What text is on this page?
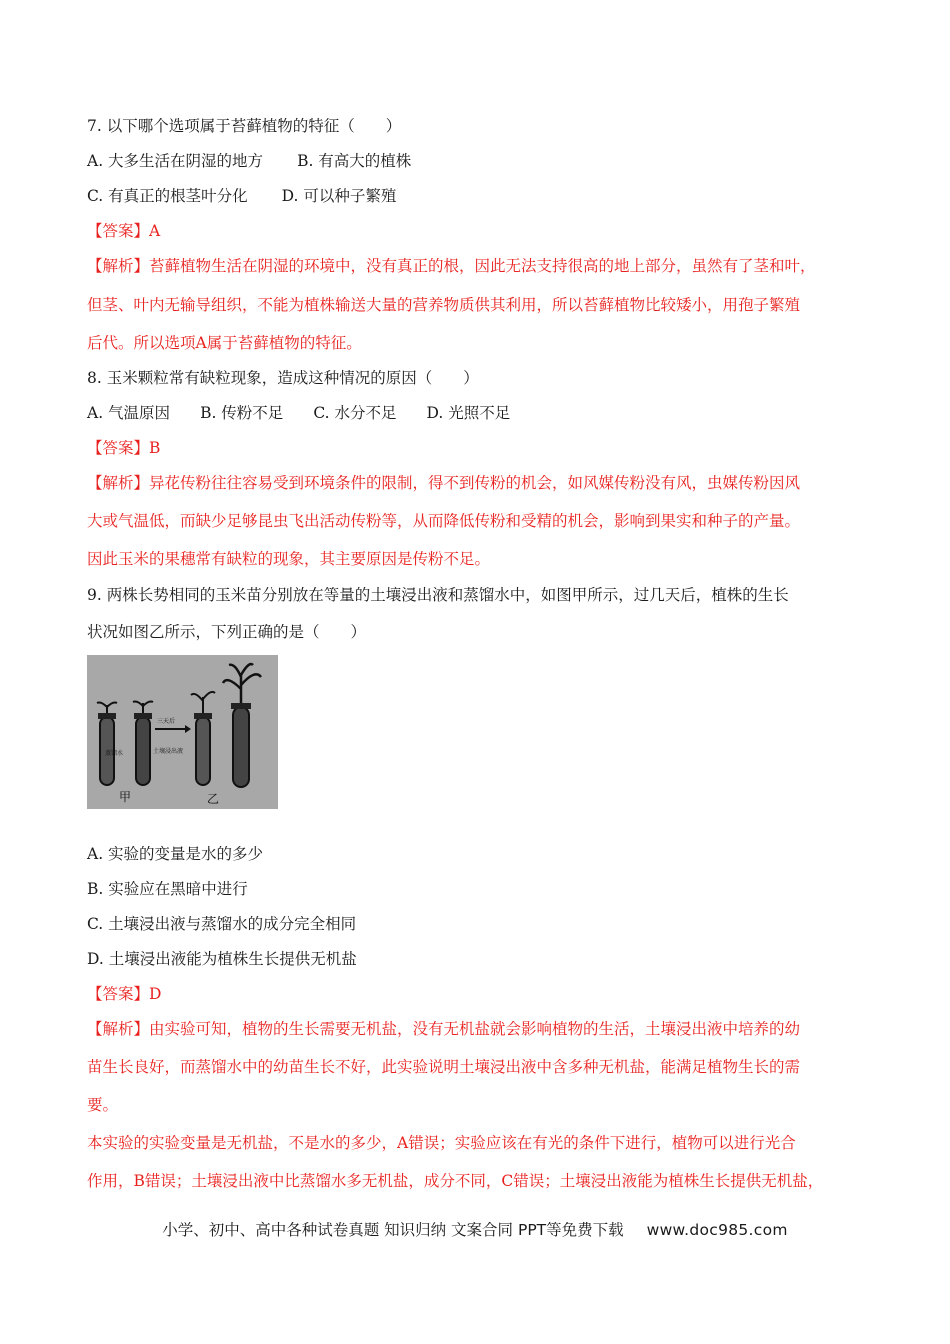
7. 以下哪个选项属于苔藓植物的特征（　　）
A. 大多生活在阴湿的地方 B. 有高大的植株
C. 有真正的根茎叶分化 D. 可以种子繁殖
【答案】A
【解析】苔藓植物生活在阴湿的环境中，没有真正的根，因此无法支持很高的地上部分，虽然有了茎和叶，
但茎、叶内无输导组织，不能为植株输送大量的营养物质供其利用，所以苔藓植物比较矮小，用孢子繁殖
后代。所以选项A属于苔藓植物的特征。
8. 玉米颗粒常有缺粒现象，造成这种情况的原因（　　）
A. 气温原因 B. 传粉不足 C. 水分不足 D. 光照不足
【答案】B
【解析】异花传粉往往容易受到环境条件的限制，得不到传粉的机会，如风媒传粉没有风，虫媒传粉因风
大或气温低，而缺少足够昆虫飞出活动传粉等，从而降低传粉和受精的机会，影响到果实和种子的产量。
因此玉米的果穗常有缺粒的现象，其主要原因是传粉不足。
9. 两株长势相同的玉米苗分别放在等量的土壤浸出液和蒸馏水中，如图甲所示，过几天后，植株的生长
状况如图乙所示，下列正确的是（　　）
蒸馏水
三天后
土壤浸出液
甲	乙
A. 实验的变量是水的多少
B. 实验应在黑暗中进行
C. 土壤浸出液与蒸馏水的成分完全相同
D. 土壤浸出液能为植株生长提供无机盐
【答案】D
【解析】由实验可知，植物的生长需要无机盐，没有无机盐就会影响植物的生活，土壤浸出液中培养的幼
苗生长良好，而蒸馏水中的幼苗生长不好，此实验说明土壤浸出液中含多种无机盐，能满足植物生长的需
要。
本实验的实验变量是无机盐，不是水的多少，A错误；实验应该在有光的条件下进行，植物可以进行光合
作用，B错误；土壤浸出液中比蒸馏水多无机盐，成分不同，C错误；土壤浸出液能为植株生长提供无机盐，
小学、初中、高中各种试卷真题 知识归纳 文案合同 PPT等免费下载 www.doc985.com
